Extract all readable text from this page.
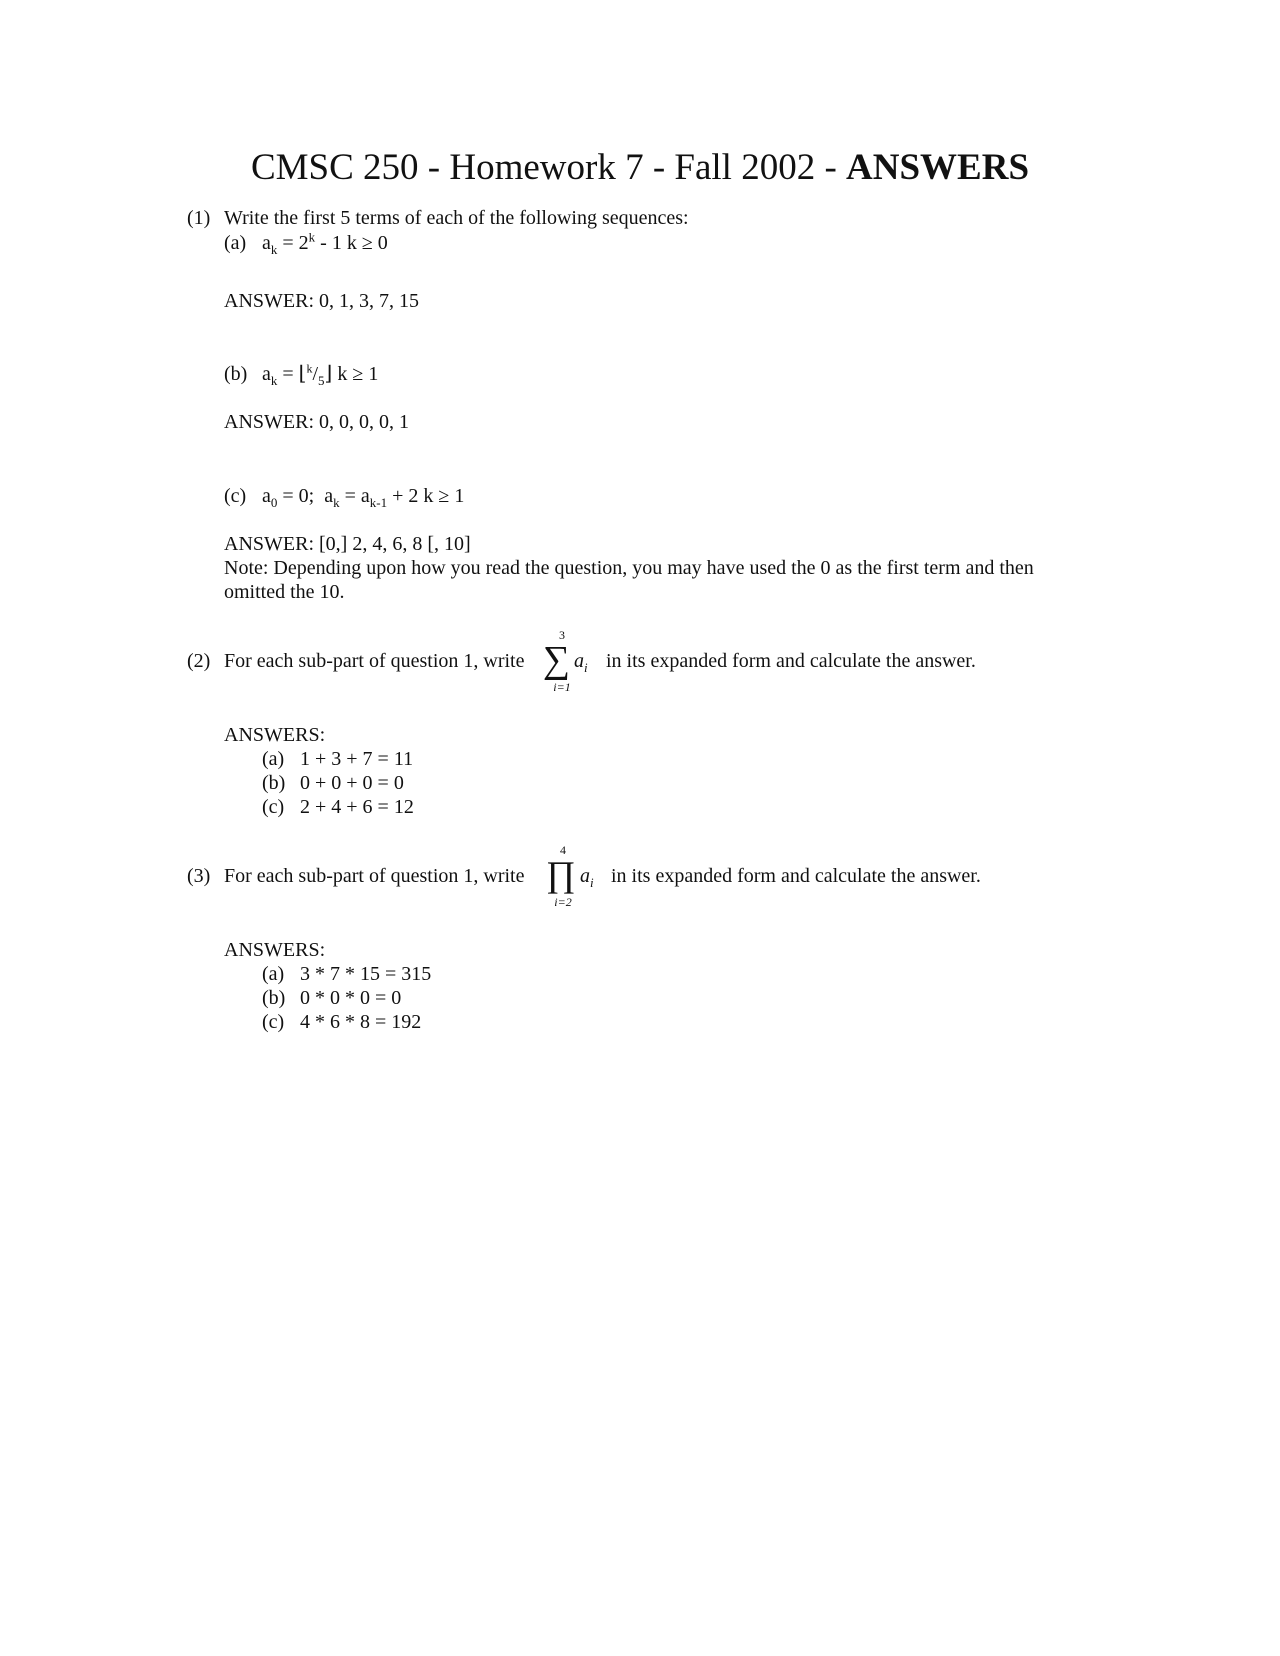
CMSC 250 - Homework 7 - Fall 2002 - ANSWERS
(1) Write the first 5 terms of each of the following sequences:
(a) $a_k = 2^k - 1$ k ≥ 0
ANSWER: 0, 1, 3, 7, 15
(b) $a_k$ = $⌊^k/_5⌋$ k ≥ 1
ANSWER: 0, 0, 0, 0, 1
(c) $a_0 = 0$;  $a_k = a_{k-1} + 2$ k ≥ 1
ANSWER: [0,] 2, 4, 6, 8 [, 10]
Note: Depending upon how you read the question, you may have used the 0 as the first term and then
omitted the 10.
(2) For each sub-part of question 1, write
3
∑
i=1
$a_i$ in its expanded form and calculate the answer.
ANSWERS:
(a) 1 + 3 + 7 = 11
(b) 0 + 0 + 0 = 0
(c) 2 + 4 + 6 = 12
(3) For each sub-part of question 1, write
4
∏
i=2
$a_i$ in its expanded form and calculate the answer.
ANSWERS:
(a) 3 * 7 * 15 = 315
(b) 0 * 0 * 0 = 0
(c) 4 * 6 * 8 = 192
